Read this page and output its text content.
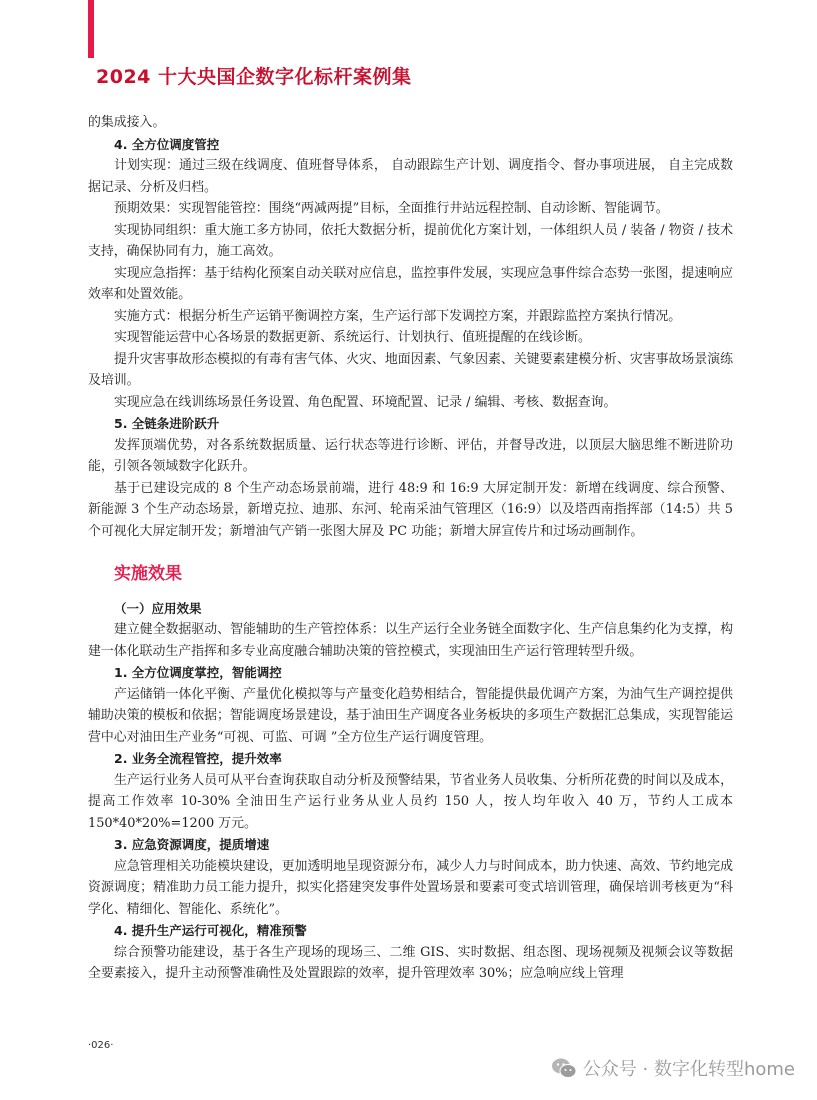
2024 十大央国企数字化标杆案例集

的集成接入。

4. 全方位调度管控

计划实现：通过三级在线调度、值班督导体系， 自动跟踪生产计划、调度指令、督办事项进展， 自主完成数据记录、分析及归档。

预期效果：实现智能管控：围绕“两减两提”目标，全面推行井站远程控制、自动诊断、智能调节。

实现协同组织：重大施工多方协同，依托大数据分析，提前优化方案计划，一体组织人员 / 装备 / 物资 / 技术支持，确保协同有力，施工高效。

实现应急指挥：基于结构化预案自动关联对应信息，监控事件发展，实现应急事件综合态势一张图，提速响应效率和处置效能。

实施方式：根据分析生产运销平衡调控方案，生产运行部下发调控方案，并跟踪监控方案执行情况。

实现智能运营中心各场景的数据更新、系统运行、计划执行、值班提醒的在线诊断。

提升灾害事故形态模拟的有毒有害气体、火灾、地面因素、气象因素、关键要素建模分析、灾害事故场景演练及培训。

实现应急在线训练场景任务设置、角色配置、环境配置、记录 / 编辑、考核、数据查询。

5. 全链条进阶跃升

发挥顶端优势，对各系统数据质量、运行状态等进行诊断、评估，并督导改进，以顶层大脑思维不断进阶功能，引领各领域数字化跃升。

基于已建设完成的 8 个生产动态场景前端，进行 48:9 和 16:9 大屏定制开发：新增在线调度、综合预警、新能源 3 个生产动态场景，新增克拉、迪那、东河、轮南采油气管理区（16:9）以及塔西南指挥部（14:5）共 5 个可视化大屏定制开发；新增油气产销一张图大屏及 PC 功能；新增大屏宣传片和过场动画制作。

实施效果

（一）应用效果

建立健全数据驱动、智能辅助的生产管控体系：以生产运行全业务链全面数字化、生产信息集约化为支撑，构建一体化联动生产指挥和多专业高度融合辅助决策的管控模式，实现油田生产运行管理转型升级。

1. 全方位调度掌控，智能调控

产运储销一体化平衡、产量优化模拟等与产量变化趋势相结合，智能提供最优调产方案，为油气生产调控提供辅助决策的模板和依据；智能调度场景建设，基于油田生产调度各业务板块的多项生产数据汇总集成，实现智能运营中心对油田生产业务“可视、可监、可调 ”全方位生产运行调度管理。

2. 业务全流程管控，提升效率

生产运行业务人员可从平台查询获取自动分析及预警结果，节省业务人员收集、分析所花费的时间以及成本，提高工作效率 10-30% 全油田生产运行业务从业人员约 150 人，按人均年收入 40 万，节约人工成本 150*40*20%=1200 万元。

3. 应急资源调度，提质增速

应急管理相关功能模块建设，更加透明地呈现资源分布，减少人力与时间成本，助力快速、高效、节约地完成资源调度；精准助力员工能力提升，拟实化搭建突发事件处置场景和要素可变式培训管理，确保培训考核更为“科学化、精细化、智能化、系统化”。

4. 提升生产运行可视化，精准预警

综合预警功能建设，基于各生产现场的现场三、二维 GIS、实时数据、组态图、现场视频及视频会议等数据全要素接入，提升主动预警准确性及处置跟踪的效率，提升管理效率 30%；应急响应线上管理

·026·
公众号 · 数字化转型home
